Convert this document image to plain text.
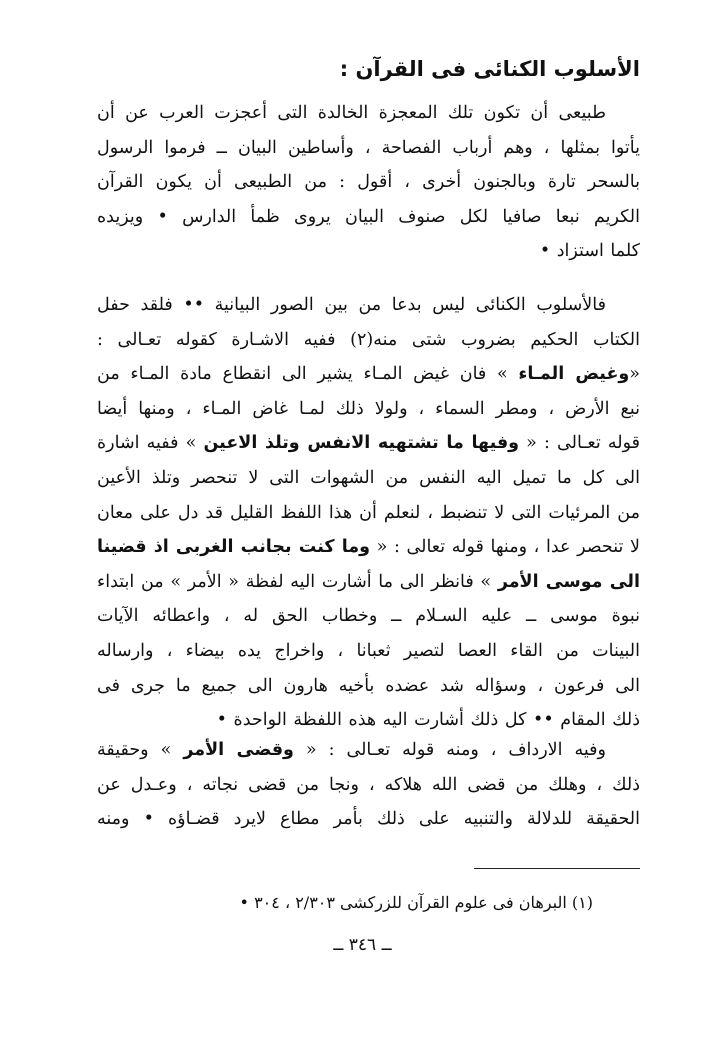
الأسلوب الكنائى فى القرآن :
طبيعى أن تكون تلك المعجزة الخالدة التى أعجزت العرب عن أن
يأتوا بمثلها ، وهم أرباب الفصاحة ، وأساطين البيان ــ فرموا الرسول
بالسحر تارة وبالجنون أخرى ، أقول : من الطبيعى أن يكون القرآن
الكريم نبعا صافيا لكل صنوف البيان يروى ظمأ الدارس • ويزيده
كلما استزاد •
فالأسلوب الكنائى ليس بدعا من بين الصور البيانية •• فلقد حفل
الكتاب الحكيم بضروب شتى منه(٢) ففيه الاشـارة كقوله تعـالى :
«وغيض المـاء » فان غيض المـاء يشير الى انقطاع مادة المـاء من
نبع الأرض ، ومطر السماء ، ولولا ذلك لمـا غاض المـاء ، ومنها أيضا
قوله تعـالى : « وفيها ما تشتهيه الانفس وتلذ الاعين » ففيه اشارة
الى كل ما تميل اليه النفس من الشهوات التى لا تنحصر وتلذ الأعين
من المرئيات التى لا تنضبط ، لنعلم أن هذا اللفظ القليل قد دل على معان
لا تنحصر عدا ، ومنها قوله تعالى : « وما كنت بجانب الغربى اذ قضينا
الى موسى الأمر » فانظر الى ما أشارت اليه لفظة « الأمر » من ابتداء
نبوة موسى ــ عليه السـلام ــ وخطاب الحق له ، واعطائه الآيات
البينات من القاء العصا لتصير ثعبانا ، واخراج يده بيضاء ، وارساله
الى فرعون ، وسؤاله شد عضده بأخيه هارون الى جميع ما جرى فى
ذلك المقام •• كل ذلك أشارت اليه هذه اللفظة الواحدة •
وفيه الارداف ، ومنه قوله تعـالى : « وقضى الأمر » وحقيقة
ذلك ، وهلك من قضى الله هلاكه ، ونجا من قضى نجاته ، وعـدل عن
الحقيقة للدلالة والتنبيه على ذلك بأمر مطاع لايرد قضـاؤه • ومنه
(١) البرهان فى علوم القرآن للزركشى ٢/٣٠٣ ، ٣٠٤ •
ــ ٣٤٦ ــ
